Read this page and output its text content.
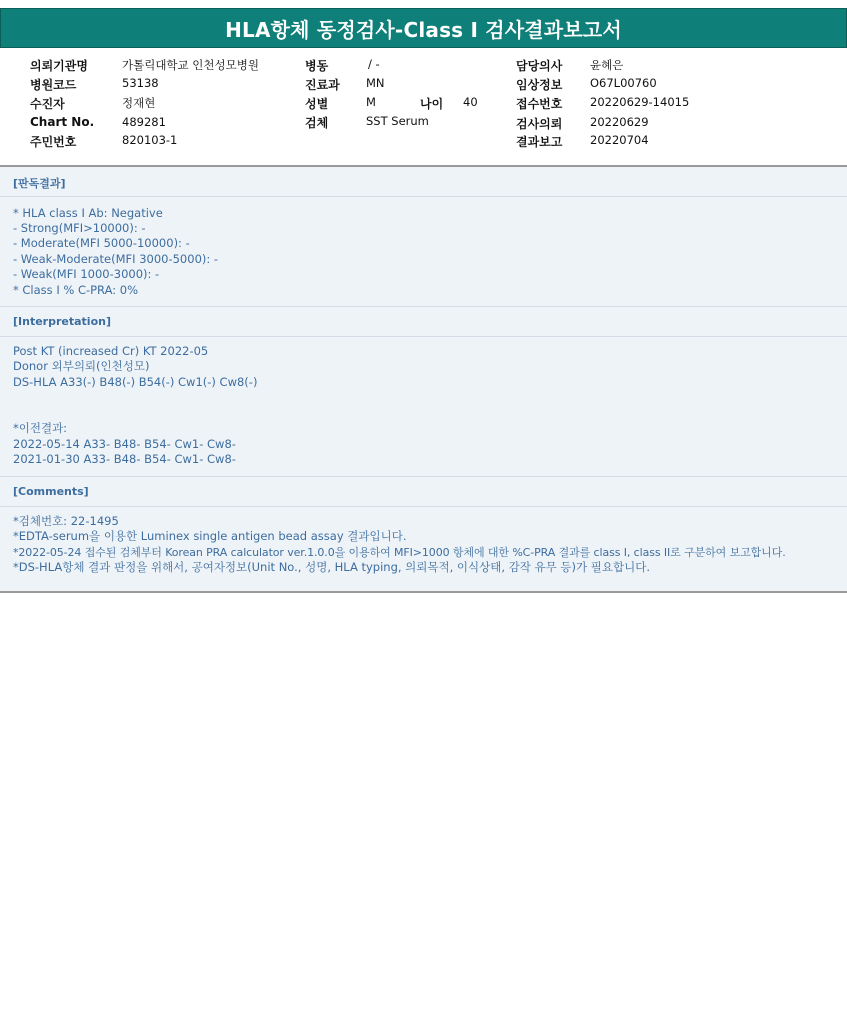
HLA항체 동정검사-Class I 검사결과보고서
의뢰기관명	가톨릭대학교 인천성모병원
병원코드	53138
수진자	정재현
Chart No. 489281
주민번호	820103-1
병동	/ -
진료과 MN
성별	M	나이 40
검체	SST Serum
담당의사 윤혜은
임상정보 O67L00760
접수번호 20220629-14015
검사의뢰 20220629
결과보고 20220704
[판독결과]
* HLA class I Ab: Negative
- Strong(MFI>10000): -
- Moderate(MFI 5000-10000): -
- Weak-Moderate(MFI 3000-5000): -
- Weak(MFI 1000-3000): -
* Class I % C-PRA: 0%
[Interpretation]
Post KT (increased Cr) KT 2022-05
Donor 외부의뢰(인천성모)
DS-HLA A33(-) B48(-) B54(-) Cw1(-) Cw8(-)
*이전결과:
2022-05-14 A33- B48- B54- Cw1- Cw8-
2021-01-30 A33- B48- B54- Cw1- Cw8-
[Comments]
*검체번호: 22-1495
*EDTA-serum을 이용한 Luminex single antigen bead assay 결과입니다.
*2022-05-24 접수된 검체부터 Korean PRA calculator ver.1.0.0을 이용하여 MFI>1000 항체에 대한 %C-PRA 결과를 class I, class II로 구분하여 보고합니다.
*DS-HLA항체 결과 판정을 위해서, 공여자정보(Unit No., 성명, HLA typing, 의뢰목적, 이식상태, 감작 유무 등)가 필요합니다.
